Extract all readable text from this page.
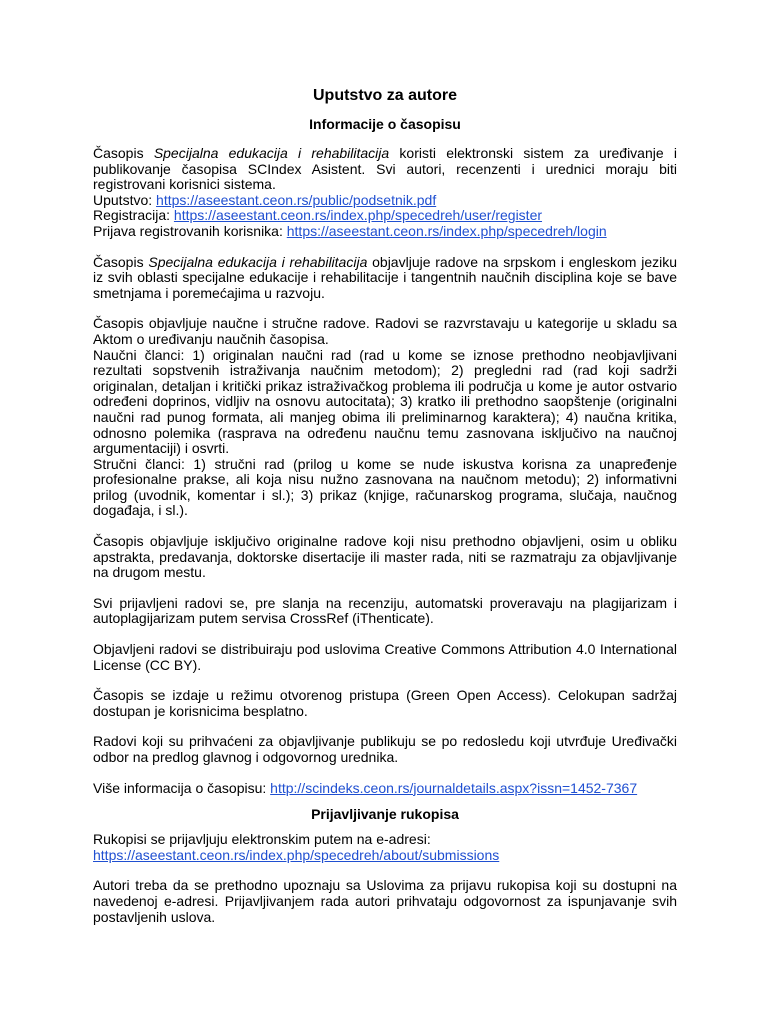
Uputstvo za autore
Informacije o časopisu

Časopis Specijalna edukacija i rehabilitacija koristi elektronski sistem za uređivanje i publikovanje časopisa SCIndex Asistent. Svi autori, recenzenti i urednici moraju biti registrovani korisnici sistema.
Uputstvo: https://aseestant.ceon.rs/public/podsetnik.pdf
Registracija: https://aseestant.ceon.rs/index.php/specedreh/user/register
Prijava registrovanih korisnika: https://aseestant.ceon.rs/index.php/specedreh/login

Časopis Specijalna edukacija i rehabilitacija objavljuje radove na srpskom i engleskom jeziku iz svih oblasti specijalne edukacije i rehabilitacije i tangentnih naučnih disciplina koje se bave smetnjama i poremećajima u razvoju.

Časopis objavljuje naučne i stručne radove. Radovi se razvrstavaju u kategorije u skladu sa Aktom o uređivanju naučnih časopisa.
Naučni članci: 1) originalan naučni rad (rad u kome se iznose prethodno neobjavljivani rezultati sopstvenih istraživanja naučnim metodom); 2) pregledni rad (rad koji sadrži originalan, detaljan i kritički prikaz istraživačkog problema ili područja u kome je autor ostvario određeni doprinos, vidljiv na osnovu autocitata); 3) kratko ili prethodno saopštenje (originalni naučni rad punog formata, ali manjeg obima ili preliminarnog karaktera); 4) naučna kritika, odnosno polemika (rasprava na određenu naučnu temu zasnovana isključivo na naučnoj argumentaciji) i osvrti.
Stručni članci: 1) stručni rad (prilog u kome se nude iskustva korisna za unapređenje profesionalne prakse, ali koja nisu nužno zasnovana na naučnom metodu); 2) informativni prilog (uvodnik, komentar i sl.); 3) prikaz (knjige, računarskog programa, slučaja, naučnog događaja, i sl.).

Časopis objavljuje isključivo originalne radove koji nisu prethodno objavljeni, osim u obliku apstrakta, predavanja, doktorske disertacije ili master rada, niti se razmatraju za objavljivanje na drugom mestu.

Svi prijavljeni radovi se, pre slanja na recenziju, automatski proveravaju na plagijarizam i autoplagijarizam putem servisa CrossRef (iThenticate).

Objavljeni radovi se distribuiraju pod uslovima Creative Commons Attribution 4.0 International License (CC BY).

Časopis se izdaje u režimu otvorenog pristupa (Green Open Access). Celokupan sadržaj dostupan je korisnicima besplatno.

Radovi koji su prihvaćeni za objavljivanje publikuju se po redosledu koji utvrđuje Uređivački odbor na predlog glavnog i odgovornog urednika.

Više informacija o časopisu: http://scindeks.ceon.rs/journaldetails.aspx?issn=1452-7367

Prijavljivanje rukopisa

Rukopisi se prijavljuju elektronskim putem na e-adresi:
https://aseestant.ceon.rs/index.php/specedreh/about/submissions

Autori treba da se prethodno upoznaju sa Uslovima za prijavu rukopisa koji su dostupni na navedenoj e-adresi. Prijavljivanjem rada autori prihvataju odgovornost za ispunjavanje svih postavljenih uslova.
